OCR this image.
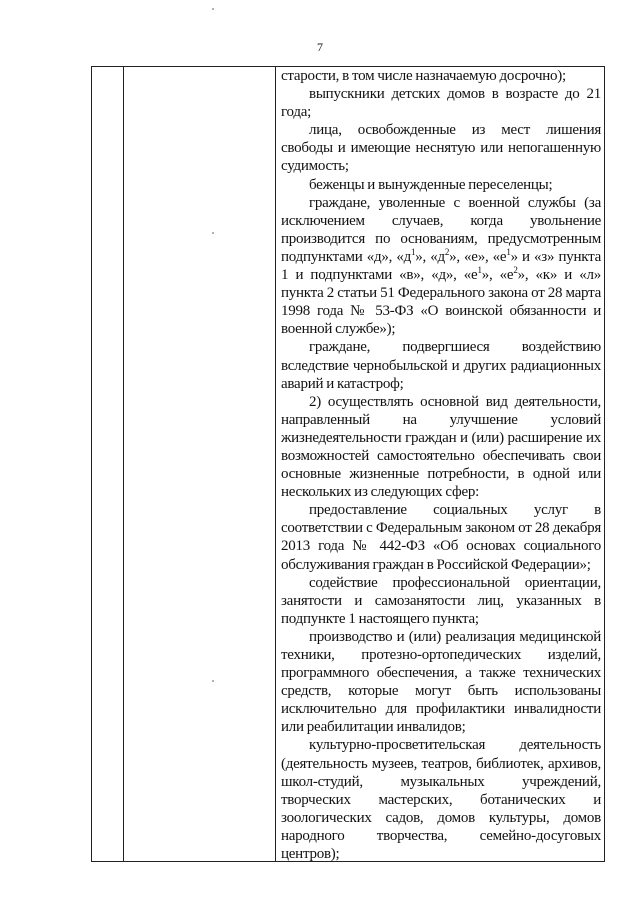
7

старости, в том числе назначаемую досрочно);

выпускники детских домов в возрасте до 21 года;

лица, освобожденные из мест лишения свободы и имеющие неснятую или непогашенную судимость;

беженцы и вынужденные переселенцы;

граждане, уволенные с военной службы (за исключением случаев, когда увольнение производится по основаниям, предусмотренным подпунктами «д», «$д^1$», «$д^2$», «е», «$е^1$» и «з» пункта 1 и подпунктами «в», «д», «$е^1$», «$е^2$», «к» и «л» пункта 2 статьи 51 Федерального закона от 28 марта 1998 года № 53-ФЗ «О воинской обязанности и военной службе»);

граждане, подвергшиеся воздействию вследствие чернобыльской и других радиационных аварий и катастроф;

2) осуществлять основной вид деятельности, направленный на улучшение условий жизнедеятельности граждан и (или) расширение их возможностей самостоятельно обеспечивать свои основные жизненные потребности, в одной или нескольких из следующих сфер:

предоставление социальных услуг в соответствии с Федеральным законом от 28 декабря 2013 года № 442-ФЗ «Об основах социального обслуживания граждан в Российской Федерации»;

содействие профессиональной ориентации, занятости и самозанятости лиц, указанных в подпункте 1 настоящего пункта;

производство и (или) реализация медицинской техники, протезно-ортопедических изделий, программного обеспечения, а также технических средств, которые могут быть использованы исключительно для профилактики инвалидности или реабилитации инвалидов;

культурно-просветительская деятельность (деятельность музеев, театров, библиотек, архивов, школ-студий, музыкальных учреждений, творческих мастерских, ботанических и зоологических садов, домов культуры, домов народного творчества, семейно-досуговых центров);
